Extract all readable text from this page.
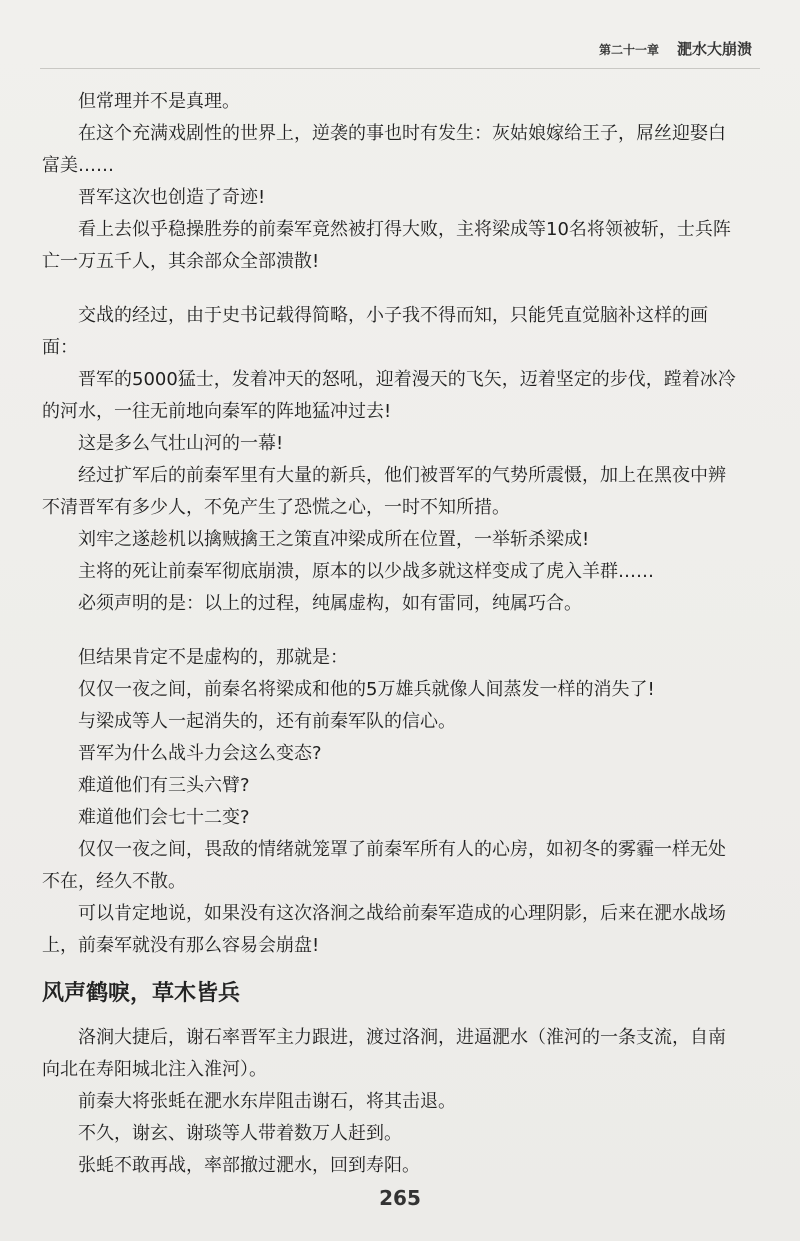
第二十一章 淝水大崩溃

但常理并不是真理。

在这个充满戏剧性的世界上，逆袭的事也时有发生：灰姑娘嫁给王子，屌丝迎娶白富美……

晋军这次也创造了奇迹!

看上去似乎稳操胜券的前秦军竟然被打得大败，主将梁成等10名将领被斩，士兵阵亡一万五千人，其余部众全部溃散!

交战的经过，由于史书记载得简略，小子我不得而知，只能凭直觉脑补这样的画面：

晋军的5000猛士，发着冲天的怒吼，迎着漫天的飞矢，迈着坚定的步伐，蹚着冰冷的河水，一往无前地向秦军的阵地猛冲过去!

这是多么气壮山河的一幕!

经过扩军后的前秦军里有大量的新兵，他们被晋军的气势所震慑，加上在黑夜中辨不清晋军有多少人，不免产生了恐慌之心，一时不知所措。

刘牢之遂趁机以擒贼擒王之策直冲梁成所在位置，一举斩杀梁成!

主将的死让前秦军彻底崩溃，原本的以少战多就这样变成了虎入羊群……

必须声明的是：以上的过程，纯属虚构，如有雷同，纯属巧合。

但结果肯定不是虚构的，那就是：

仅仅一夜之间，前秦名将梁成和他的5万雄兵就像人间蒸发一样的消失了!

与梁成等人一起消失的，还有前秦军队的信心。

晋军为什么战斗力会这么变态?

难道他们有三头六臂?

难道他们会七十二变?

仅仅一夜之间，畏敌的情绪就笼罩了前秦军所有人的心房，如初冬的雾霾一样无处不在，经久不散。

可以肯定地说，如果没有这次洛涧之战给前秦军造成的心理阴影，后来在淝水战场上，前秦军就没有那么容易会崩盘!

风声鹤唳，草木皆兵

洛涧大捷后，谢石率晋军主力跟进，渡过洛涧，进逼淝水（淮河的一条支流，自南向北在寿阳城北注入淮河）。

前秦大将张蚝在淝水东岸阻击谢石，将其击退。

不久，谢玄、谢琰等人带着数万人赶到。

张蚝不敢再战，率部撤过淝水，回到寿阳。

265
